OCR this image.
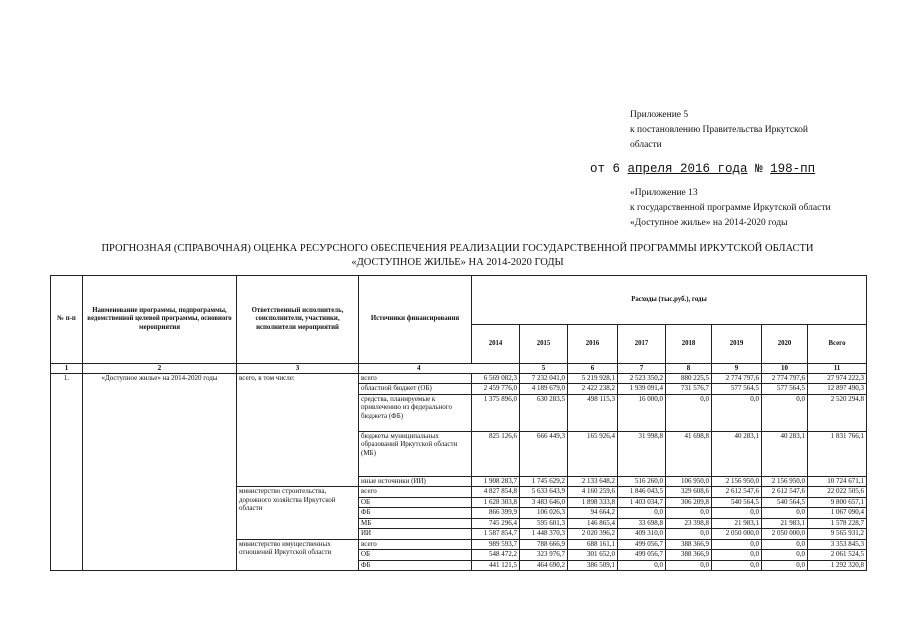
Приложение 5
к постановлению Правительства Иркутской
области
от 6 апреля 2016 года № 198-пп
«Приложение 13
к государственной программе Иркутской области
«Доступное жилье» на 2014-2020 годы
ПРОГНОЗНАЯ (СПРАВОЧНАЯ) ОЦЕНКА РЕСУРСНОГО ОБЕСПЕЧЕНИЯ РЕАЛИЗАЦИИ ГОСУДАРСТВЕННОЙ ПРОГРАММЫ ИРКУТСКОЙ ОБЛАСТИ
«ДОСТУПНОЕ ЖИЛЬЕ» НА 2014-2020 ГОДЫ
№ п-п	Наименование программы, подпрограммы, ведомственной целевой программы, основного мероприятия	Ответственный исполнитель, соисполнители, участники, исполнители мероприятий	Источники финансирования	Расходы (тыс.руб.), годы							
				2014	2015	2016	2017	2018	2019	2020	Всего
1	2	3	4		5	6	7	8	9	10	11
1.	«Доступное жилье» на 2014-2020 годы	всего, в том числе:	всего	6 569 082,3	7 232 041,0	5 219 928,1	2 523 350,2	880 225,5	2 774 797,6	2 774 797,6	27 974 222,3
			областной бюджет (ОБ)	2 459 776,0	4 189 679,0	2 422 238,2	1 939 091,4	731 576,7	577 564,5	577 564,5	12 897 490,3
			средства, планируемые к привлечению из федерального бюджета (ФБ)	1 375 896,0	630 283,5	498 115,3	16 000,0	0,0	0,0	0,0	2 520 294,8
			бюджеты муниципальных образований Иркутской области (МБ)	825 126,6	666 449,3	165 926,4	31 998,8	41 698,8	40 283,1	40 283,1	1 831 766,1
			иные источники (ИИ)	1 908 283,7	1 745 629,2	2 133 648,2	516 260,0	106 950,0	2 156 950,0	2 156 950,0	10 724 671,1
		министерство строительства, дорожного хозяйства Иркутской области	всего	4 827 854,8	5 633 643,9	4 160 259,6	1 846 043,5	329 608,6	2 612 547,6	2 612 547,6	22 022 505,6
			ОБ	1 628 303,8	3 483 646,0	1 898 333,8	1 403 034,7	306 209,8	540 564,5	540 564,5	9 800 657,1
			ФБ	866 399,9	106 026,3	94 664,2	0,0	0,0	0,0	0,0	1 067 090,4
			МБ	745 296,4	595 601,3	146 865,4	33 698,8	23 398,8	21 983,1	21 983,1	1 578 228,7
			ИИ	1 587 854,7	1 448 370,3	2 020 396,2	409 310,0	0,0	2 050 000,0	2 050 000,0	9 565 931,2
		министерство имущественных отношений Иркутской области	всего	989 593,7	788 666,9	688 161,1	499 056,7	388 366,9	0,0	0,0	3 353 845,3
			ОБ	548 472,2	323 976,7	301 652,0	499 056,7	388 366,9	0,0	0,0	2 061 524,5
			ФБ	441 121,5	464 690,2	386 509,1	0,0	0,0	0,0	0,0	1 292 320,8
